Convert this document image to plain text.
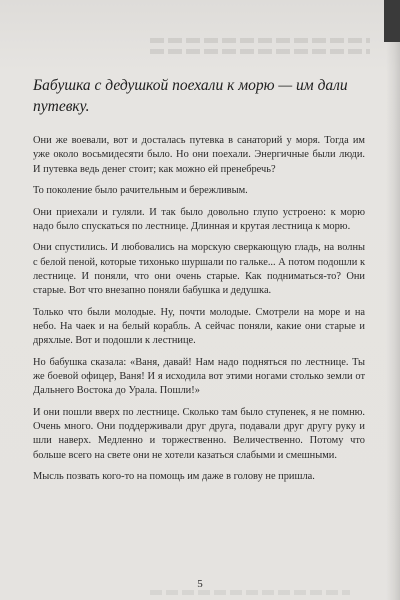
Бабушка с дедушкой поехали к морю — им дали путевку.

Они же воевали, вот и досталась путевка в санаторий у моря. Тогда им уже около восьмидесяти было. Но они поехали. Энергичные были люди. И путевка ведь денег стоит; как можно ей пренебречь?

То поколение было рачительным и бережливым.

Они приехали и гуляли. И так было довольно глупо устроено: к морю надо было спускаться по лестнице. Длинная и крутая лестница к морю.

Они спустились. И любовались на морскую сверкающую гладь, на волны с белой пеной, которые тихонько шуршали по гальке... А потом подошли к лестнице. И поняли, что они очень старые. Как подниматься-то? Они старые. Вот что внезапно поняли бабушка и дедушка.

Только что были молодые. Ну, почти молодые. Смотрели на море и на небо. На чаек и на белый корабль. А сейчас поняли, какие они старые и дряхлые. Вот и подошли к лестнице.

Но бабушка сказала: «Ваня, давай! Нам надо подняться по лестнице. Ты же боевой офицер, Ваня! И я исходила вот этими ногами столько земли от Дальнего Востока до Урала. Пошли!»

И они пошли вверх по лестнице. Сколько там было ступенек, я не помню. Очень много. Они поддерживали друг друга, подавали друг другу руку и шли наверх. Медленно и торжественно. Величественно. Потому что больше всего на свете они не хотели казаться слабыми и смешными.

Мысль позвать кого-то на помощь им даже в голову не пришла.

5
